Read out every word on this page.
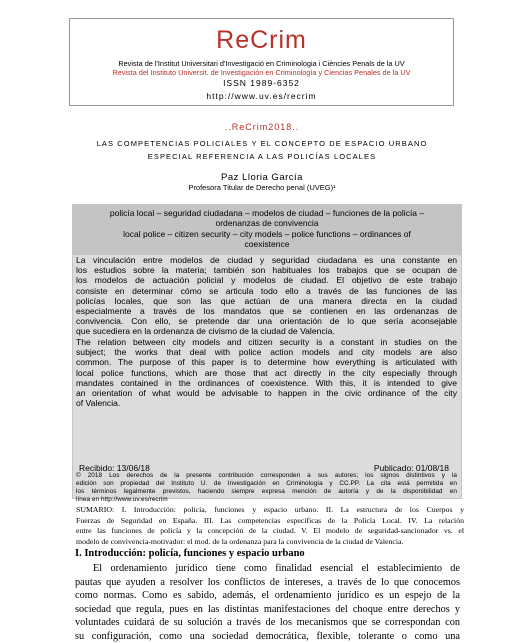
ReCrim
Revista de l'Institut Universitari d'Investigació en Criminologia i Ciències Penals de la UV
Revista del Instituto Universit. de Investigación en Criminología y Ciencias Penales de la UV
ISSN 1989-6352
http://www.uv.es/recrim
..ReCrim2018..
LAS COMPETENCIAS POLICIALES Y EL CONCEPTO DE ESPACIO URBANO
ESPECIAL REFERENCIA A LAS POLICÍAS LOCALES
Paz Lloria García
Profesora Titular de Derecho penal (UVEG)¹
policía local – seguridad ciudadana – modelos de ciudad – funciones de la policía –
ordenanzas de convivencia
local police – citizen security – city models – police functions – ordinances of
coexistence
La vinculación entre modelos de ciudad y seguridad ciudadana es una constante en
los estudios sobre la materia; también son habituales los trabajos que se ocupan de
los modelos de actuación policial y modelos de ciudad. El objetivo de este trabajo
consiste en determinar cómo se articula todo ello a través de las funciones de las
policías locales, que son las que actúan de una manera directa en la ciudad
especialmente a través de los mandatos que se contienen en las ordenanzas de
convivencia. Con ello, se pretende dar una orientación de lo que sería aconsejable
que sucediera en la ordenanza de civismo de la ciudad de Valencia.
The relation between city models and citizen security is a constant in studies on the
subject; the works that deal with police action models and city models are also
common. The purpose of this paper is to determine how everything is articulated with
local police functions, which are those that act directly in the city especially through
mandates contained in the ordinances of coexistence. With this, it is intended to give
an orientation of what would be advisable to happen in the civic ordinance of the city
of Valencia.
Recibido: 13/06/18	Publicado: 01/08/18
© 2018 Los derechos de la presente contribución corresponden a sus autores; los signos distintivos y la
edición son propiedad del Instituto U. de Investigación en Criminología y CC.PP. La cita está permitida en
los términos legalmente previstos, haciendo siempre expresa mención de autoría y de la disponibilidad en
línea en http://www.uv.es/recrim
SUMARIO: I. Introducción: policía, funciones y espacio urbano. II. La estructura de los Cuerpos y
Fuerzas de Seguridad en España. III. Las competencias específicas de la Policía Local. IV. La relación
entre las funciones de policía y la concepción de la ciudad. V. El modelo de seguridad-sancionador vs. el
modelo de convivencia-motivador: el mod. de la ordenanza para la convivencia de la ciudad de Valencia.
I. Introducción: policía, funciones y espacio urbano
El ordenamiento jurídico tiene como finalidad esencial el establecimiento de
pautas que ayuden a resolver los conflictos de intereses, a través de lo que conocemos
como normas. Como es sabido, además, el ordenamiento jurídico es un espejo de la
sociedad que regula, pues en las distintas manifestaciones del choque entre derechos y
voluntades cuidará de su solución a través de los mecanismos que se correspondan con
su configuración, como una sociedad democrática, flexible, tolerante o como una
